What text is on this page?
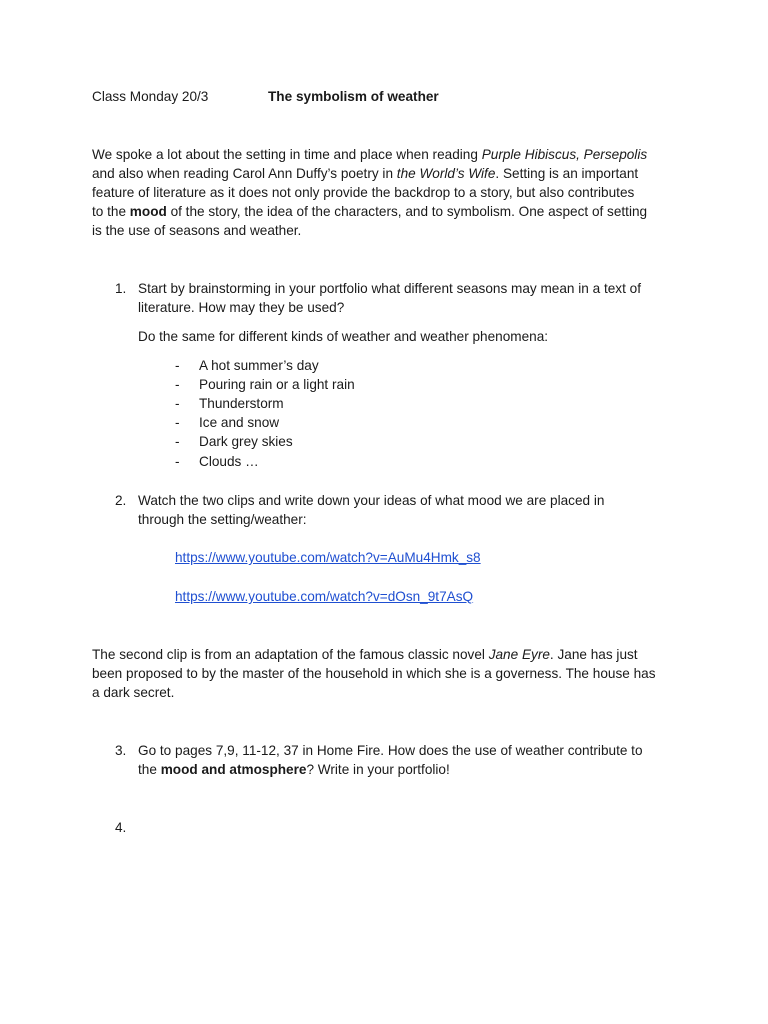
Class Monday 20/3	The symbolism of weather
We spoke a lot about the setting in time and place when reading Purple Hibiscus, Persepolis
and also when reading Carol Ann Duffy’s poetry in the World’s Wife. Setting is an important
feature of literature as it does not only provide the backdrop to a story, but also contributes
to the mood of the story, the idea of the characters, and to symbolism. One aspect of setting
is the use of seasons and weather.
1. Start by brainstorming in your portfolio what different seasons may mean in a text of
literature. How may they be used?
Do the same for different kinds of weather and weather phenomena:
- A hot summer’s day
- Pouring rain or a light rain
- Thunderstorm
- Ice and snow
- Dark grey skies
- Clouds …
2. Watch the two clips and write down your ideas of what mood we are placed in
through the setting/weather:
https://www.youtube.com/watch?v=AuMu4Hmk_s8
https://www.youtube.com/watch?v=dOsn_9t7AsQ
The second clip is from an adaptation of the famous classic novel Jane Eyre. Jane has just
been proposed to by the master of the household in which she is a governess. The house has
a dark secret.
3. Go to pages 7,9, 11-12, 37 in Home Fire. How does the use of weather contribute to
the mood and atmosphere? Write in your portfolio!
4.
